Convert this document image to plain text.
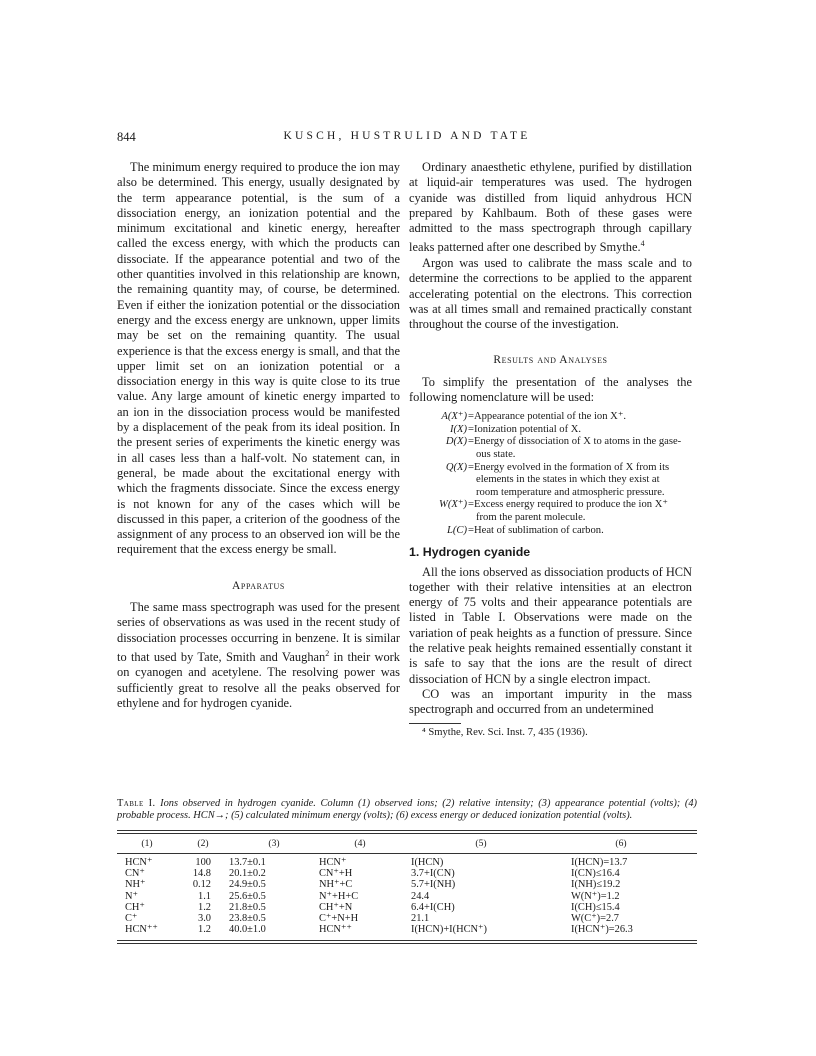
844	KUSCH, HUSTRULID AND TATE

The minimum energy required to produce the ion may also be determined. This energy, usually designated by the term appearance potential, is the sum of a dissociation energy, an ionization potential and the minimum excitational and kinetic energy, hereafter called the excess energy, with which the products can dissociate. If the appearance potential and two of the other quantities involved in this relationship are known, the remaining quantity may, of course, be determined. Even if either the ionization potential or the dissociation energy and the excess energy are unknown, upper limits may be set on the remaining quantity. The usual experience is that the excess energy is small, and that the upper limit set on an ionization potential or a dissociation energy in this way is quite close to its true value. Any large amount of kinetic energy imparted to an ion in the dissociation process would be manifested by a displacement of the peak from its ideal position. In the present series of experiments the kinetic energy was in all cases less than a half-volt. No statement can, in general, be made about the excitational energy with which the fragments dissociate. Since the excess energy is not known for any of the cases which will be discussed in this paper, a criterion of the goodness of the assignment of any process to an observed ion will be the requirement that the excess energy be small.

Apparatus

The same mass spectrograph was used for the present series of observations as was used in the recent study of dissociation processes occurring in benzene. It is similar to that used by Tate, Smith and Vaughan$^2$ in their work on cyanogen and acetylene. The resolving power was sufficiently great to resolve all the peaks observed for ethylene and for hydrogen cyanide.

Ordinary anaesthetic ethylene, purified by distillation at liquid-air temperatures was used. The hydrogen cyanide was distilled from liquid anhydrous HCN prepared by Kahlbaum. Both of these gases were admitted to the mass spectrograph through capillary leaks patterned after one described by Smythe.$^4$

Argon was used to calibrate the mass scale and to determine the corrections to be applied to the apparent accelerating potential on the electrons. This correction was at all times small and remained practically constant throughout the course of the investigation.

Results and Analyses

To simplify the presentation of the analyses the following nomenclature will be used:

A(X⁺) =Appearance potential of the ion X⁺.
I(X) =Ionization potential of X.
D(X) =Energy of dissociation of X to atoms in the gase-
ous state.
Q(X) =Energy evolved in the formation of X from its
elements in the states in which they exist at
room temperature and atmospheric pressure.
W(X⁺) =Excess energy required to produce the ion X⁺
from the parent molecule.
L(C) =Heat of sublimation of carbon.
1. Hydrogen cyanide

All the ions observed as dissociation products of HCN together with their relative intensities at an electron energy of 75 volts and their appearance potentials are listed in Table I. Observations were made on the variation of peak heights as a function of pressure. Since the relative peak heights remained essentially constant it is safe to say that the ions are the result of direct dissociation of HCN by a single electron impact.

CO was an important impurity in the mass spectrograph and occurred from an undetermined

⁴ Smythe, Rev. Sci. Inst. 7, 435 (1936).
Table I. Ions observed in hydrogen cyanide. Column (1) observed ions; (2) relative intensity; (3) appearance potential (volts); (4) probable process. HCN→; (5) calculated minimum energy (volts); (6) excess energy or deduced ionization potential (volts).
(1)	(2)	(3)	(4)	(5)	(6)
HCN⁺	100	13.7±0.1	HCN⁺	I(HCN)	I(HCN)=13.7
CN⁺	14.8	20.1±0.2	CN⁺+H	3.7+I(CN)	I(CN)≤16.4
NH⁺	0.12	24.9±0.5	NH⁺+C	5.7+I(NH)	I(NH)≤19.2
N⁺	1.1	25.6±0.5	N⁺+H+C	24.4	W(N⁺)=1.2
CH⁺	1.2	21.8±0.5	CH⁺+N	6.4+I(CH)	I(CH)≤15.4
C⁺	3.0	23.8±0.5	C⁺+N+H	21.1	W(C⁺)=2.7
HCN⁺⁺	1.2	40.0±1.0	HCN⁺⁺	I(HCN)+I(HCN⁺)	I(HCN⁺)=26.3
